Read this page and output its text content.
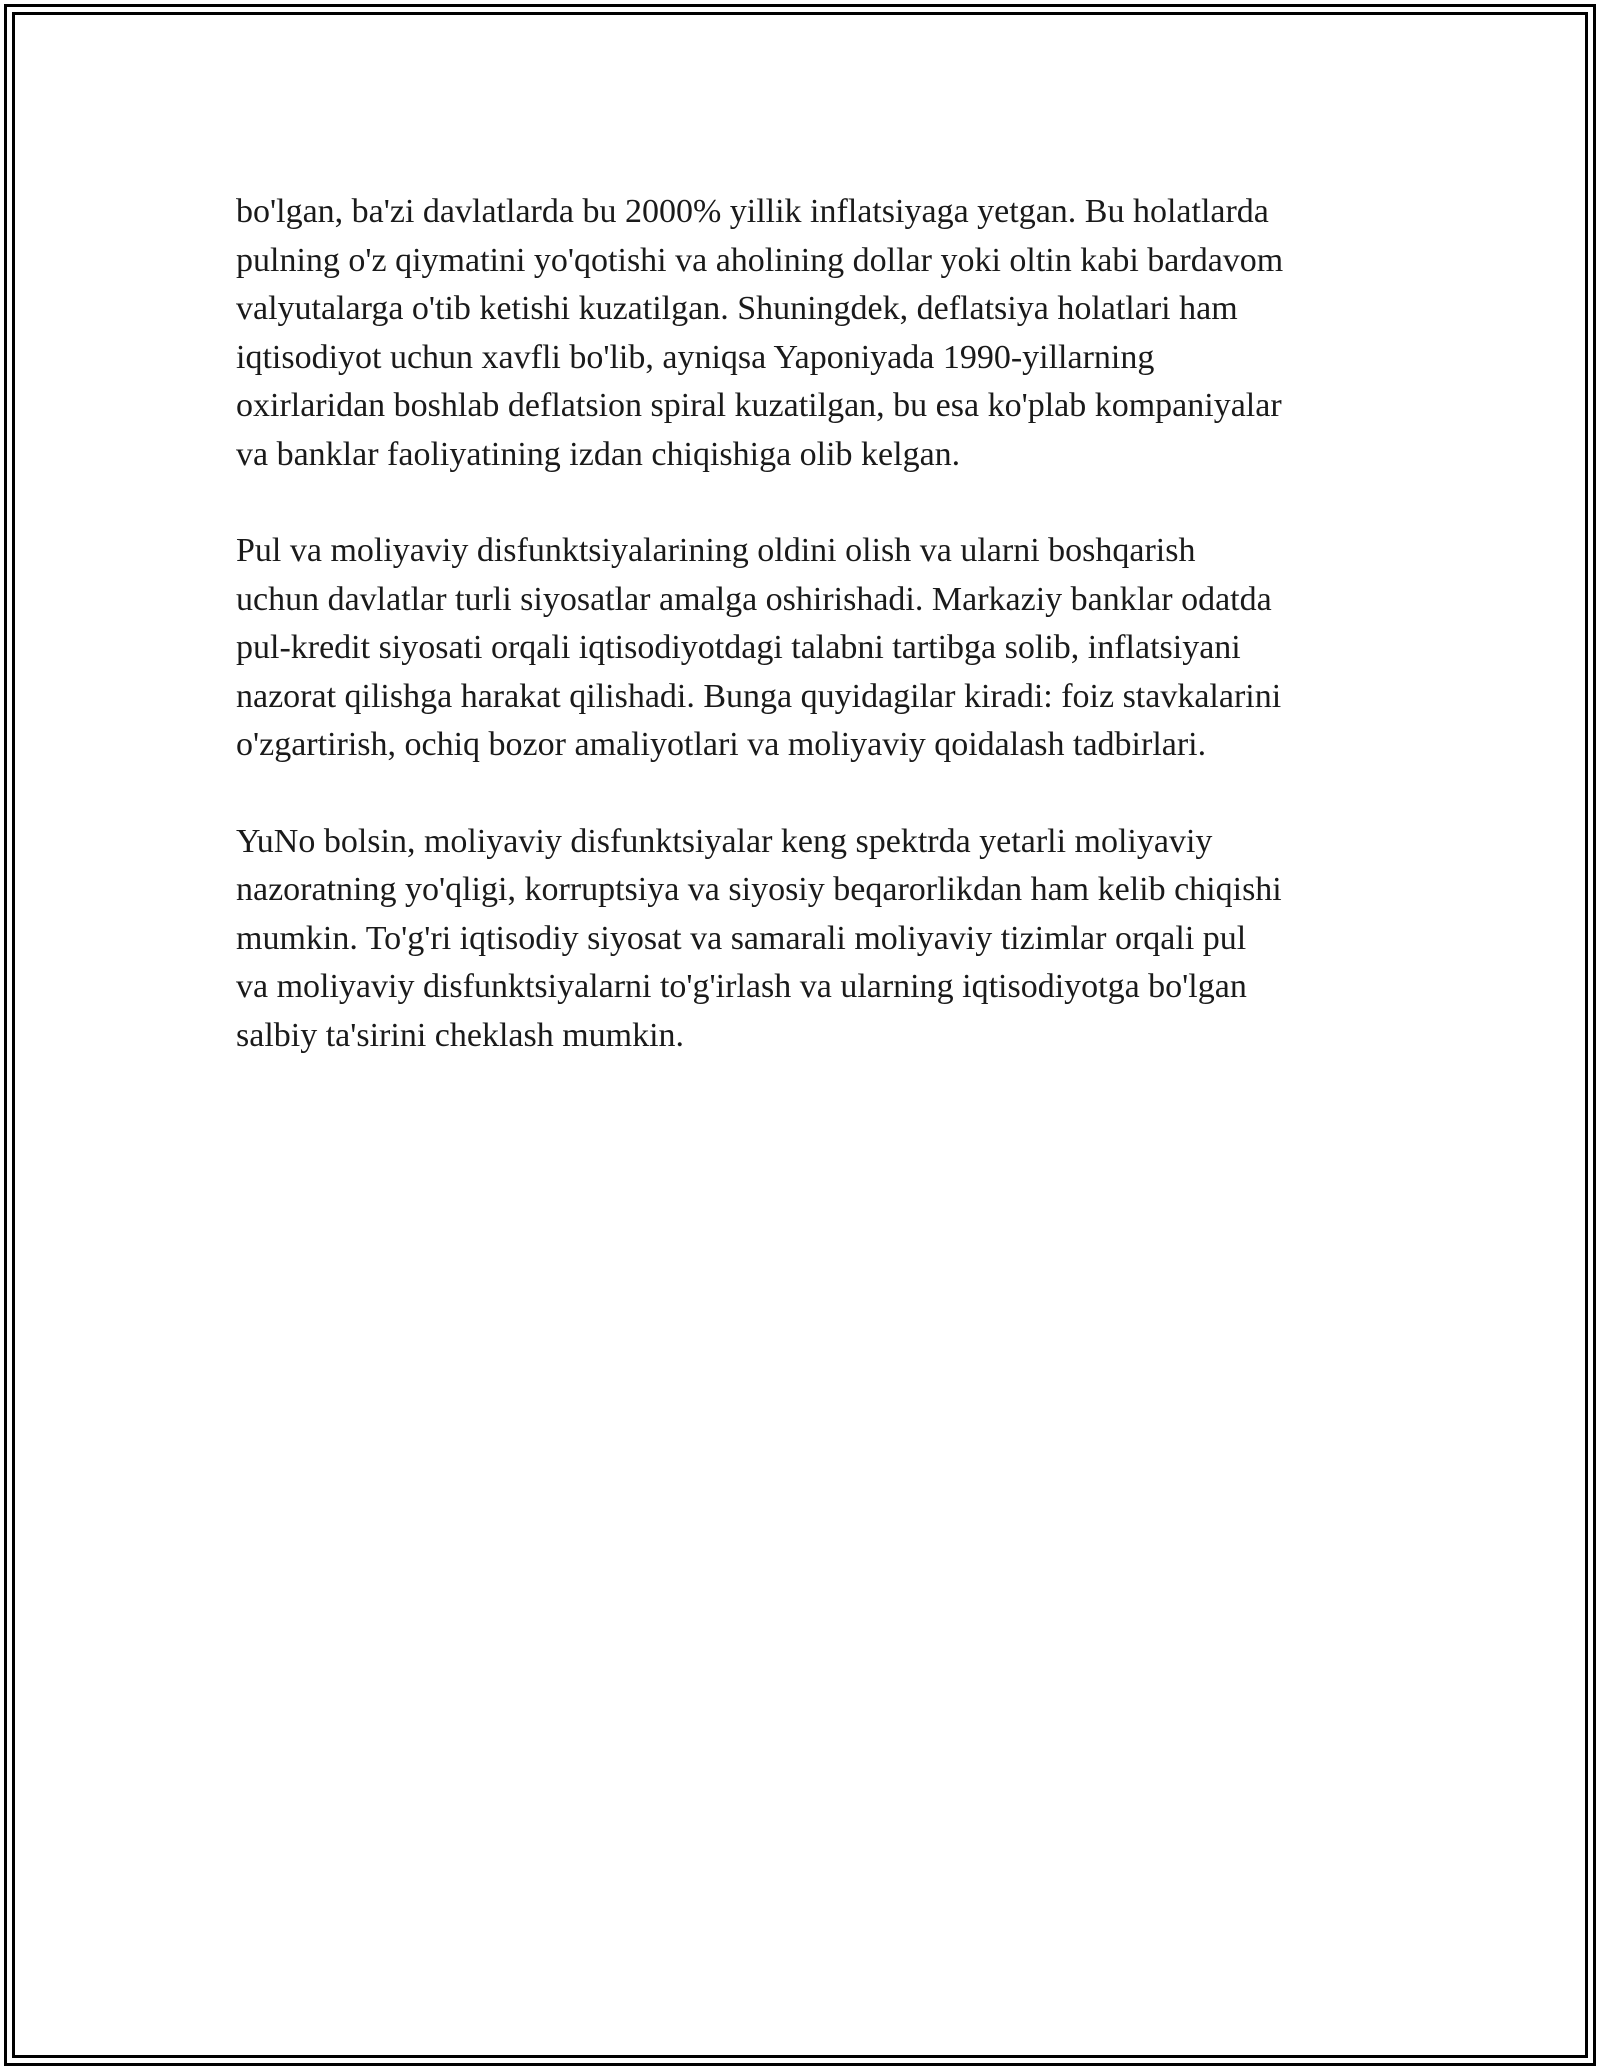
bo'lgan, ba'zi davlatlarda bu 2000% yillik inflatsiyaga yetgan. Bu holatlarda
pulning o'z qiymatini yo'qotishi va aholining dollar yoki oltin kabi bardavom
valyutalarga o'tib ketishi kuzatilgan. Shuningdek, deflatsiya holatlari ham
iqtisodiyot uchun xavfli bo'lib, ayniqsa Yaponiyada 1990-yillarning
oxirlaridan boshlab deflatsion spiral kuzatilgan, bu esa ko'plab kompaniyalar
va banklar faoliyatining izdan chiqishiga olib kelgan.

Pul va moliyaviy disfunktsiyalarining oldini olish va ularni boshqarish
uchun davlatlar turli siyosatlar amalga oshirishadi. Markaziy banklar odatda
pul-kredit siyosati orqali iqtisodiyotdagi talabni tartibga solib, inflatsiyani
nazorat qilishga harakat qilishadi. Bunga quyidagilar kiradi: foiz stavkalarini
o'zgartirish, ochiq bozor amaliyotlari va moliyaviy qoidalash tadbirlari.

YuNo bolsin, moliyaviy disfunktsiyalar keng spektrda yetarli moliyaviy
nazoratning yo'qligi, korruptsiya va siyosiy beqarorlikdan ham kelib chiqishi
mumkin. To'g'ri iqtisodiy siyosat va samarali moliyaviy tizimlar orqali pul
va moliyaviy disfunktsiyalarni to'g'irlash va ularning iqtisodiyotga bo'lgan
salbiy ta'sirini cheklash mumkin.
